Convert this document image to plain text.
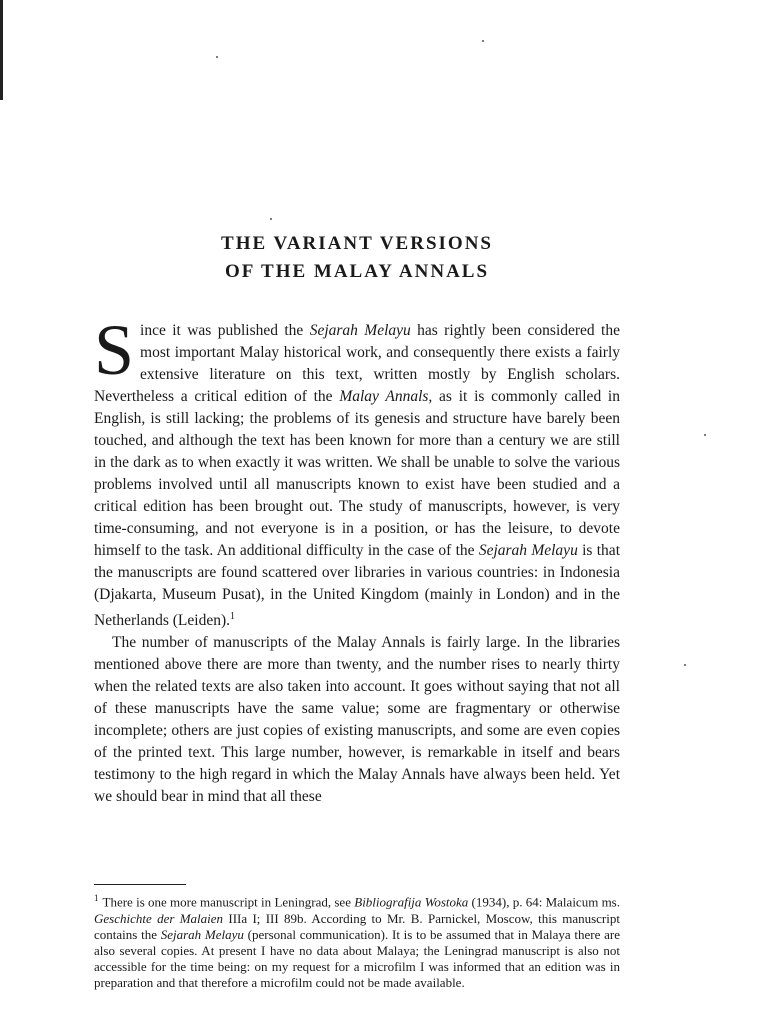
THE VARIANT VERSIONS
OF THE MALAY ANNALS

Since it was published the Sejarah Melayu has rightly been considered the most important Malay historical work, and consequently there exists a fairly extensive literature on this text, written mostly by English scholars. Nevertheless a critical edition of the Malay Annals, as it is commonly called in English, is still lacking; the problems of its genesis and structure have barely been touched, and although the text has been known for more than a century we are still in the dark as to when exactly it was written. We shall be unable to solve the various problems involved until all manuscripts known to exist have been studied and a critical edition has been brought out. The study of manuscripts, however, is very time-consuming, and not everyone is in a position, or has the leisure, to devote himself to the task. An additional difficulty in the case of the Sejarah Melayu is that the manuscripts are found scattered over libraries in various countries: in Indonesia (Djakarta, Museum Pusat), in the United Kingdom (mainly in London) and in the Netherlands (Leiden).$^1$

The number of manuscripts of the Malay Annals is fairly large. In the libraries mentioned above there are more than twenty, and the number rises to nearly thirty when the related texts are also taken into account. It goes without saying that not all of these manuscripts have the same value; some are fragmentary or otherwise incomplete; others are just copies of existing manuscripts, and some are even copies of the printed text. This large number, however, is remarkable in itself and bears testimony to the high regard in which the Malay Annals have always been held. Yet we should bear in mind that all these

$^1$ There is one more manuscript in Leningrad, see Bibliografija Wostoka (1934), p. 64: Malaicum ms. Geschichte der Malaien IIIa I; III 89b. According to Mr. B. Parnickel, Moscow, this manuscript contains the Sejarah Melayu (personal communication). It is to be assumed that in Malaya there are also several copies. At present I have no data about Malaya; the Leningrad manuscript is also not accessible for the time being: on my request for a microfilm I was informed that an edition was in preparation and that therefore a microfilm could not be made available.
